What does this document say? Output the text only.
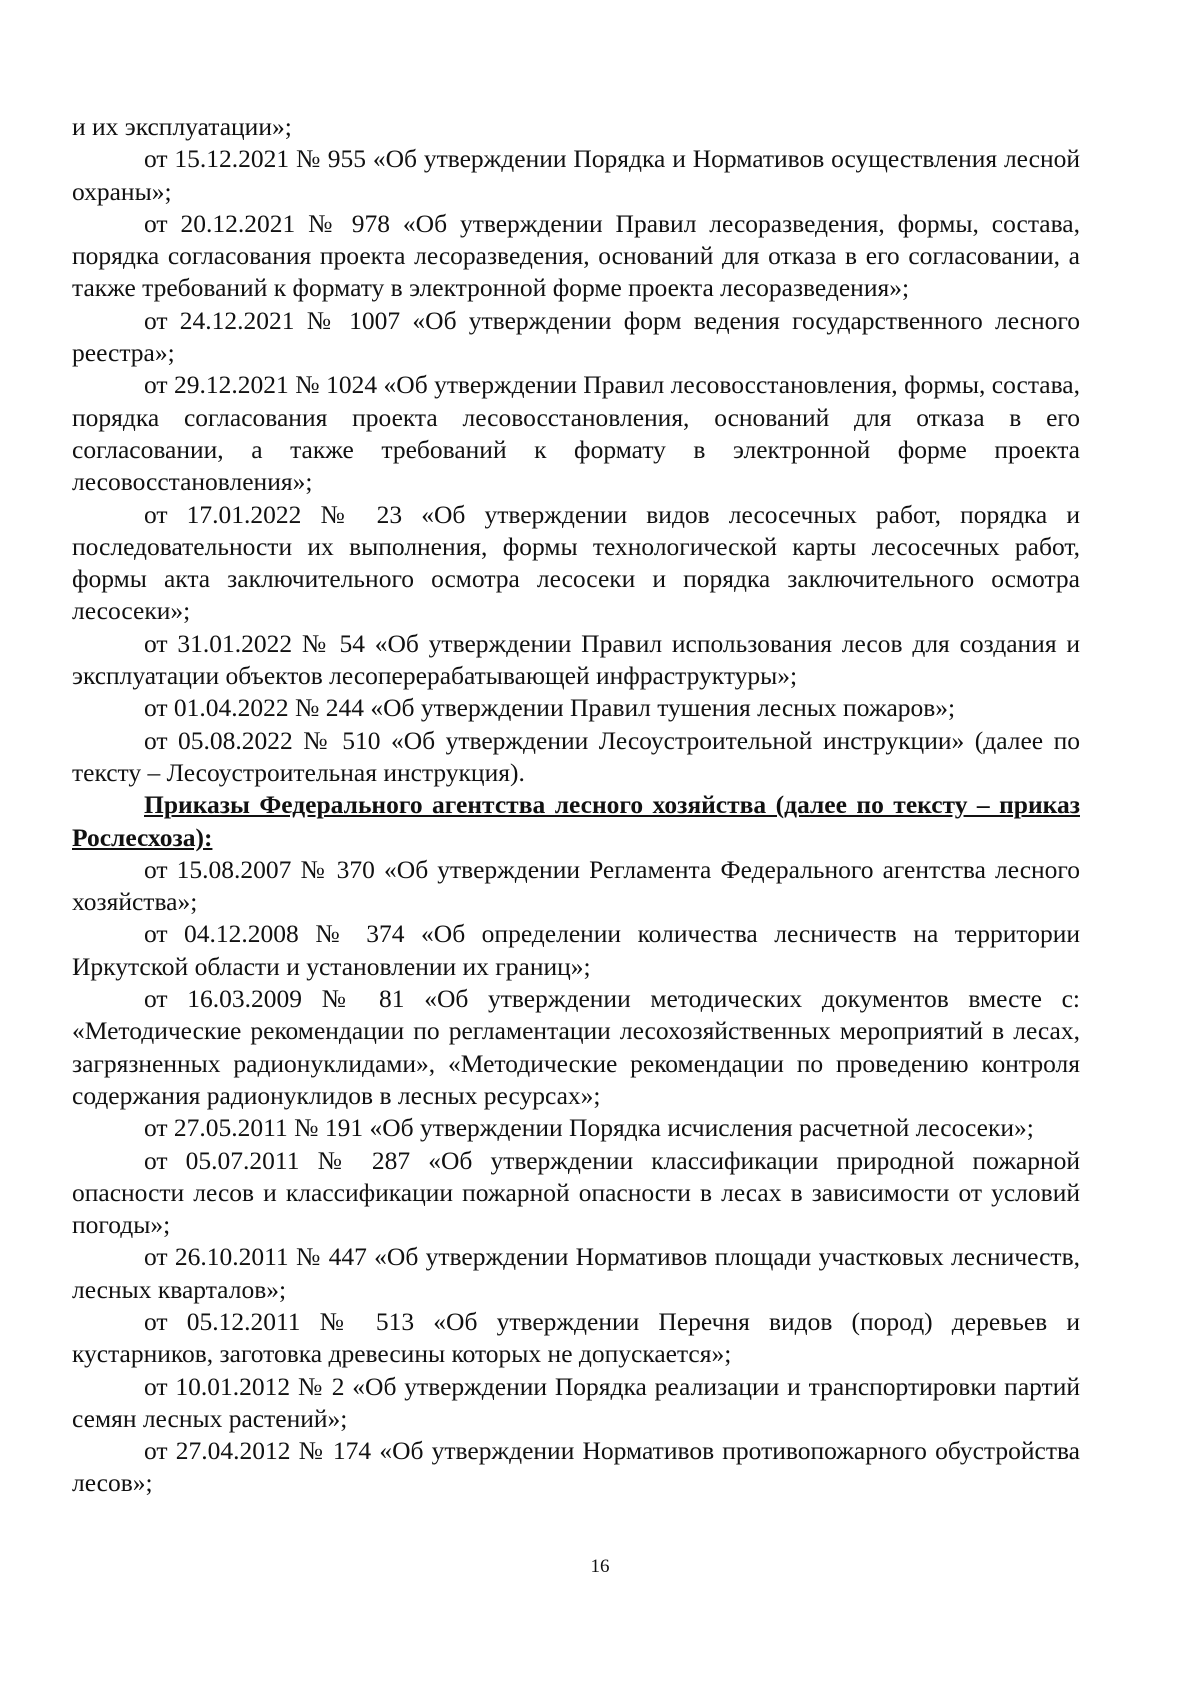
и их эксплуатации»;

от 15.12.2021 № 955 «Об утверждении Порядка и Нормативов осуществления лесной охраны»;

от 20.12.2021 № 978 «Об утверждении Правил лесоразведения, формы, состава, порядка согласования проекта лесоразведения, оснований для отказа в его согласовании, а также требований к формату в электронной форме проекта лесоразведения»;

от 24.12.2021 № 1007 «Об утверждении форм ведения государственного лесного реестра»;

от 29.12.2021 № 1024 «Об утверждении Правил лесовосстановления, формы, состава, порядка согласования проекта лесовосстановления, оснований для отказа в его согласовании, а также требований к формату в электронной форме проекта лесовосстановления»;

от 17.01.2022 № 23 «Об утверждении видов лесосечных работ, порядка и последовательности их выполнения, формы технологической карты лесосечных работ, формы акта заключительного осмотра лесосеки и порядка заключительного осмотра лесосеки»;

от 31.01.2022 № 54 «Об утверждении Правил использования лесов для создания и эксплуатации объектов лесоперерабатывающей инфраструктуры»;

от 01.04.2022 № 244 «Об утверждении Правил тушения лесных пожаров»;

от 05.08.2022 № 510 «Об утверждении Лесоустроительной инструкции» (далее по тексту – Лесоустроительная инструкция).

Приказы Федерального агентства лесного хозяйства (далее по тексту – приказ Рослесхоза):

от 15.08.2007 № 370 «Об утверждении Регламента Федерального агентства лесного хозяйства»;

от 04.12.2008 № 374 «Об определении количества лесничеств на территории Иркутской области и установлении их границ»;

от 16.03.2009 № 81 «Об утверждении методических документов вместе с: «Методические рекомендации по регламентации лесохозяйственных мероприятий в лесах, загрязненных радионуклидами», «Методические рекомендации по проведению контроля содержания радионуклидов в лесных ресурсах»;

от 27.05.2011 № 191 «Об утверждении Порядка исчисления расчетной лесосеки»;

от 05.07.2011 № 287 «Об утверждении классификации природной пожарной опасности лесов и классификации пожарной опасности в лесах в зависимости от условий погоды»;

от 26.10.2011 № 447 «Об утверждении Нормативов площади участковых лесничеств, лесных кварталов»;

от 05.12.2011 № 513 «Об утверждении Перечня видов (пород) деревьев и кустарников, заготовка древесины которых не допускается»;

от 10.01.2012 № 2 «Об утверждении Порядка реализации и транспортировки партий семян лесных растений»;

от 27.04.2012 № 174 «Об утверждении Нормативов противопожарного обустройства лесов»;

16
